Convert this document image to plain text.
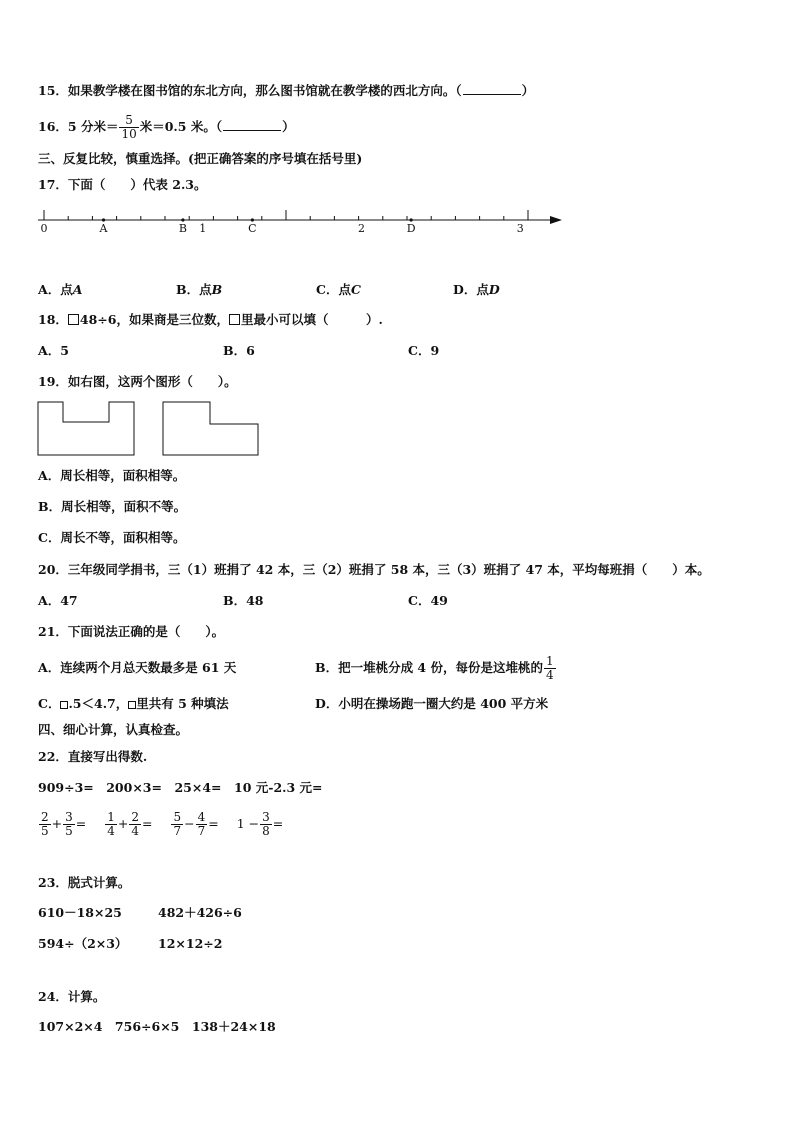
15．如果教学楼在图书馆的东北方向，那么图书馆就在教学楼的西北方向。（	）
16．5 分米＝ $\frac{5}{10}$ 米＝0.5 米。（	）
三、反复比较，慎重选择。(把正确答案的序号填在括号里)
17．下面（　　）代表 2.3。
0	A	B 1	C	2	D	3
A．点A	B．点B	C．点C	D．点D
18． 48÷6，如果商是三位数， 里最小可以填（　　　）.
A．5	B．6	C．9
19．如右图，这两个图形（　　）。
A．周长相等，面积相等。
B．周长相等，面积不等。
C．周长不等，面积相等。
20．三年级同学捐书，三（1）班捐了 42 本，三（2）班捐了 58 本，三（3）班捐了 47 本，平均每班捐（　　）本。
A．47	B．48	C．49
21．下面说法正确的是（　　）。
A．连续两个月总天数最多是 61 天	B．把一堆桃分成 4 份，每份是这堆桃的 $\frac{1}{4}$
C． .5＜4.7， 里共有 5 种填法	D．小明在操场跑一圈大约是 400 平方米
四、细心计算，认真检查。
22．直接写出得数.
909÷3=　200×3=　25×4=　10 元-2.3 元=
$\frac{2}{5} + \frac{3}{5} = \frac{1}{4} + \frac{2}{4} = \frac{5}{7} - \frac{4}{7} = 1 - \frac{3}{8}$ =
23．脱式计算。
610－18×25	482＋426÷6
594÷（2×3） 12×12÷2
24．计算。
107×2×4　756÷6×5　138＋24×18
